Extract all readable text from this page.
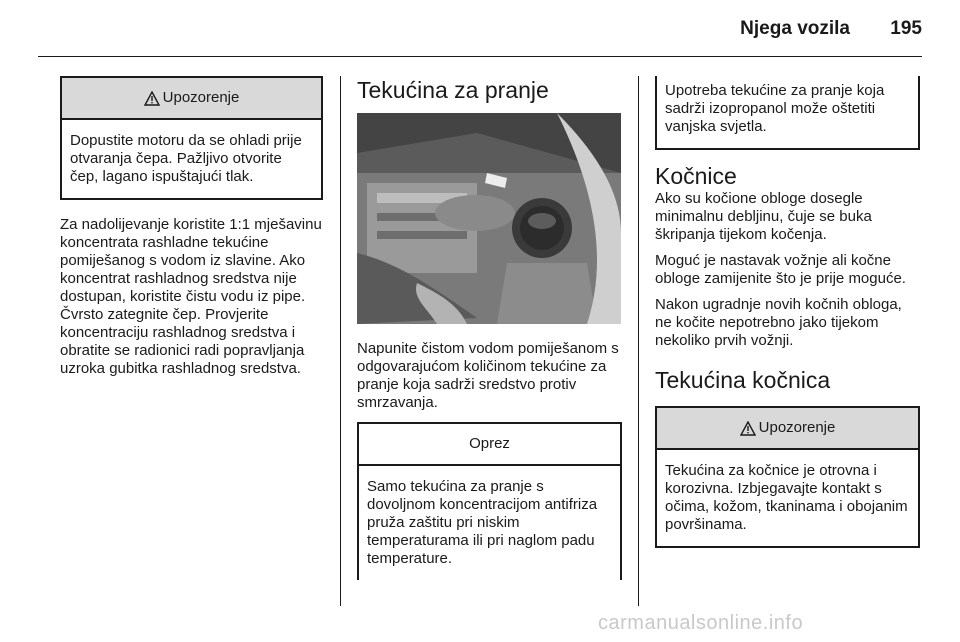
Njega vozila	195
Upozorenje
Dopustite motoru da se ohladi prije otvaranja čepa. Pažljivo otvorite čep, lagano ispuštajući tlak.

Za nadolijevanje koristite 1:1 mješavinu koncentrata rashladne tekućine pomiješanog s vodom iz slavine. Ako koncentrat rashladnog sredstva nije dostupan, koristite čistu vodu iz pipe. Čvrsto zategnite čep. Provjerite koncentraciju rashladnog sredstva i obratite se radionici radi popravljanja uzroka gubitka rashladnog sredstva.

Tekućina za pranje

Napunite čistom vodom pomiješanom s odgovarajućom količinom tekućine za pranje koja sadrži sredstvo protiv smrzavanja.

Oprez
Samo tekućina za pranje s dovoljnom koncentracijom antifriza pruža zaštitu pri niskim temperaturama ili pri naglom padu temperature.
Upotreba tekućine za pranje koja sadrži izopropanol može oštetiti vanjska svjetla.
Kočnice

Ako su kočione obloge dosegle minimalnu debljinu, čuje se buka škripanja tijekom kočenja.

Moguć je nastavak vožnje ali kočne obloge zamijenite što je prije moguće.

Nakon ugradnje novih kočnih obloga, ne kočite nepotrebno jako tijekom nekoliko prvih vožnji.

Tekućina kočnica
Upozorenje
Tekućina za kočnice je otrovna i korozivna. Izbjegavajte kontakt s očima, kožom, tkaninama i obojanim površinama.
carmanualsonline.info
